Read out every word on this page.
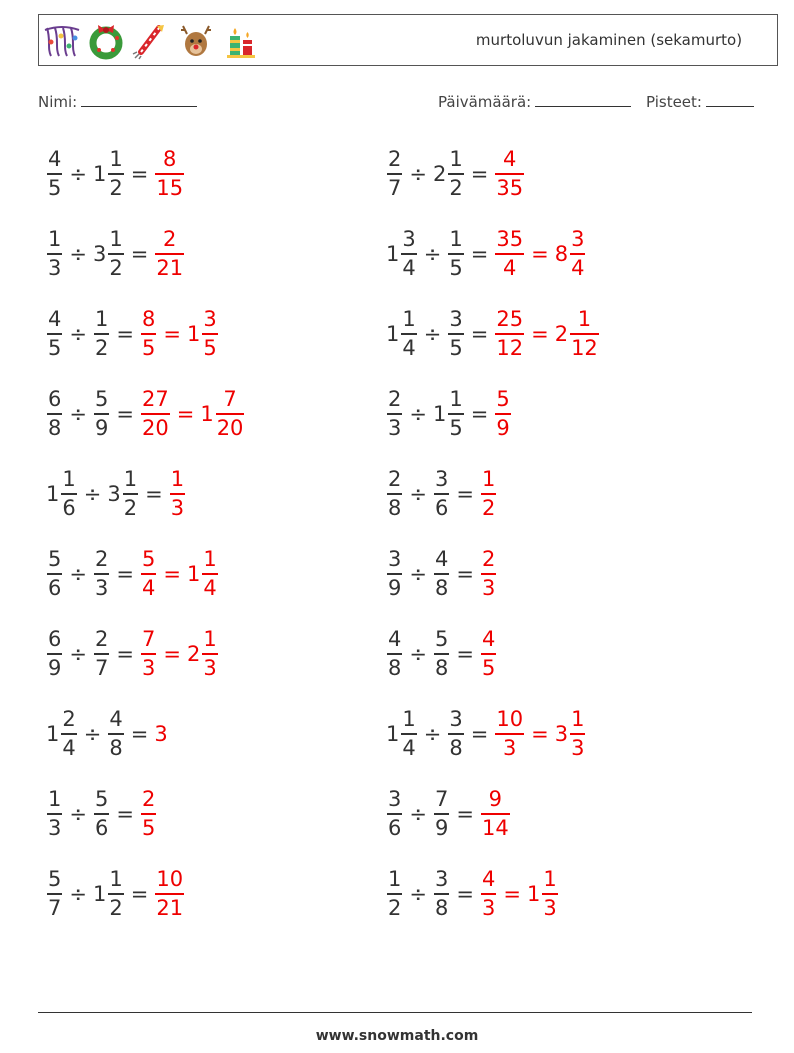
murtoluvun jakaminen (sekamurto)
Nimi:	Päivämäärä:	Pisteet:
$\frac{4}{5} \div 1 \frac{1}{2} = \frac{8}{15}$	$\frac{2}{7} \div 2 \frac{1}{2} = \frac{4}{35}$
$\frac{1}{3} \div 3 \frac{1}{2} = \frac{2}{21}$	$1 \frac{3}{4} \div \frac{1}{5} = \frac{35}{4} = 8 \frac{3}{4}$
$\frac{4}{5} \div \frac{1}{2} = \frac{8}{5} = 1 \frac{3}{5}$	$1 \frac{1}{4} \div \frac{3}{5} = \frac{25}{12} = 2 \frac{1}{12}$
$\frac{6}{8} \div \frac{5}{9} = \frac{27}{20} = 1 \frac{7}{20}$	$\frac{2}{3} \div 1 \frac{1}{5} = \frac{5}{9}$
$1 \frac{1}{6} \div 3 \frac{1}{2} = \frac{1}{3}$	$\frac{2}{8} \div \frac{3}{6} = \frac{1}{2}$
$\frac{5}{6} \div \frac{2}{3} = \frac{5}{4} = 1 \frac{1}{4}$	$\frac{3}{9} \div \frac{4}{8} = \frac{2}{3}$
$\frac{6}{9} \div \frac{2}{7} = \frac{7}{3} = 2 \frac{1}{3}$	$\frac{4}{8} \div \frac{5}{8} = \frac{4}{5}$
$1 \frac{2}{4} \div \frac{4}{8} = 3$	$1 \frac{1}{4} \div \frac{3}{8} = \frac{10}{3} = 3 \frac{1}{3}$
$\frac{1}{3} \div \frac{5}{6} = \frac{2}{5}$	$\frac{3}{6} \div \frac{7}{9} = \frac{9}{14}$
$\frac{5}{7} \div 1 \frac{1}{2} = \frac{10}{21}$	$\frac{1}{2} \div \frac{3}{8} = \frac{4}{3} = 1 \frac{1}{3}$
www.snowmath.com
